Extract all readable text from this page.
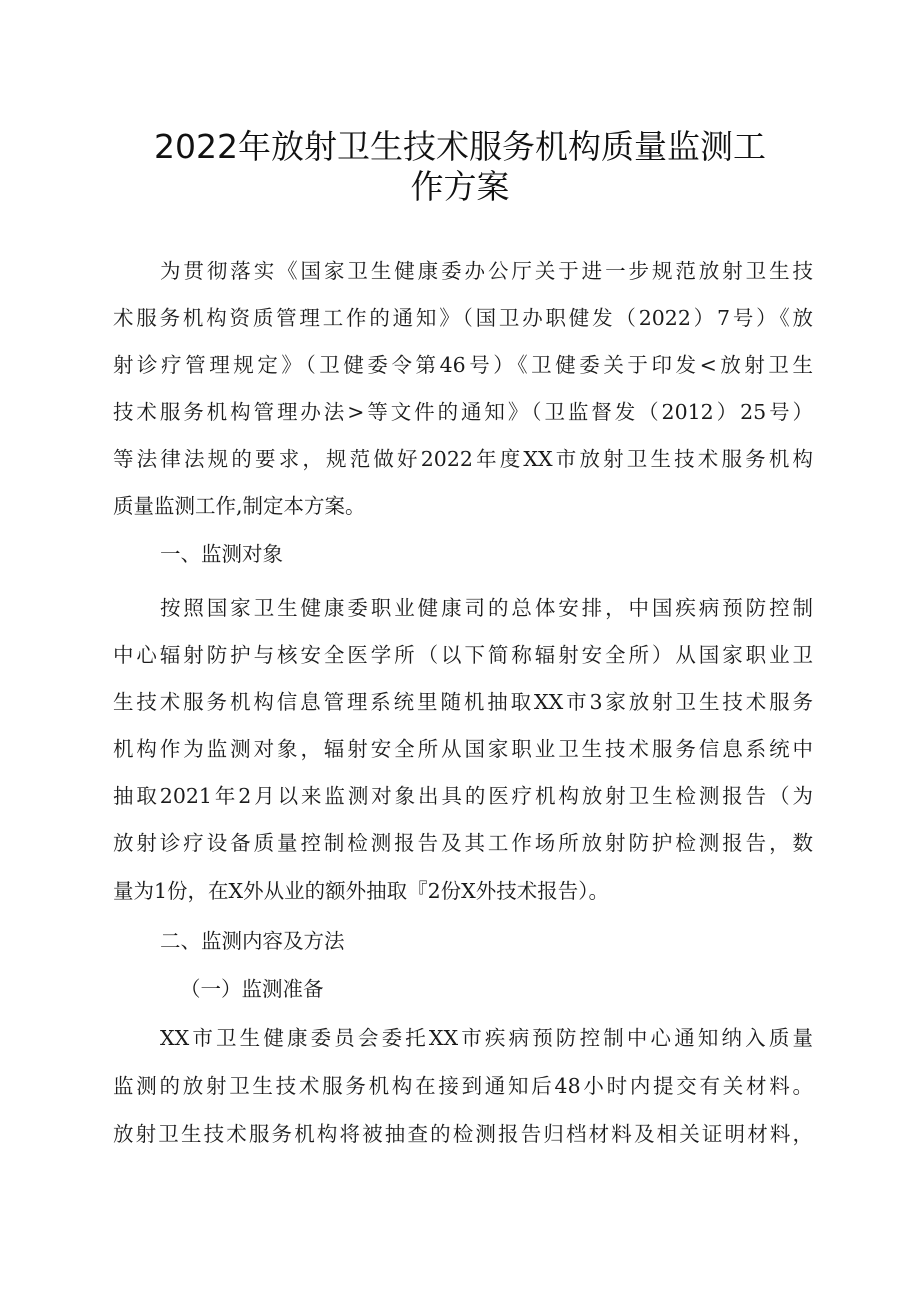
2022年放射卫生技术服务机构质量监测工
作方案
为贯彻落实《国家卫生健康委办公厅关于进一步规范放射卫生技
术服务机构资质管理工作的通知》（国卫办职健发（2022）7号）《放
射诊疗管理规定》（卫健委令第46号）《卫健委关于印发<放射卫生
技术服务机构管理办法>等文件的通知》（卫监督发（2012）25号）
等法律法规的要求，规范做好2022年度XX市放射卫生技术服务机构
质量监测工作,制定本方案。
一、监测对象
按照国家卫生健康委职业健康司的总体安排，中国疾病预防控制
中心辐射防护与核安全医学所（以下简称辐射安全所）从国家职业卫
生技术服务机构信息管理系统里随机抽取XX市3家放射卫生技术服务
机构作为监测对象，辐射安全所从国家职业卫生技术服务信息系统中
抽取2021年2月以来监测对象出具的医疗机构放射卫生检测报告（为
放射诊疗设备质量控制检测报告及其工作场所放射防护检测报告，数
量为1份，在X外从业的额外抽取『2份X外技术报告）。
二、监测内容及方法
（一）监测准备
XX市卫生健康委员会委托XX市疾病预防控制中心通知纳入质量
监测的放射卫生技术服务机构在接到通知后48小时内提交有关材料。
放射卫生技术服务机构将被抽查的检测报告归档材料及相关证明材料，
